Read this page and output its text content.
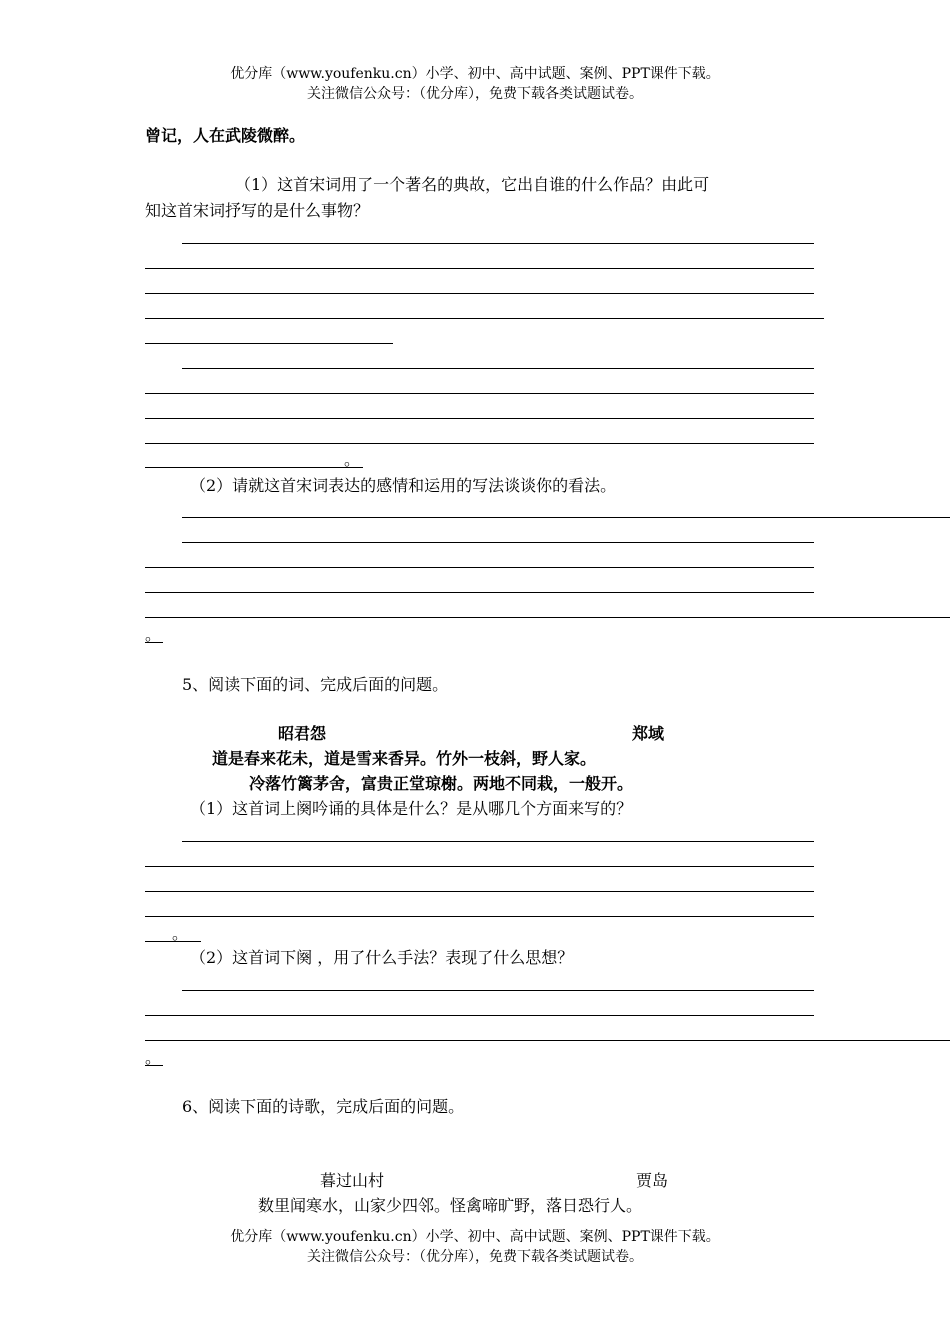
优分库（www.youfenku.cn）小学、初中、高中试题、案例、PPT课件下载。
关注微信公众号：（优分库），免费下载各类试题试卷。
曾记，人在武陵微醉。
（1）这首宋词用了一个著名的典故，它出自谁的什么作品？由此可
知这首宋词抒写的是什么事物？
。
（2）请就这首宋词表达的感情和运用的写法谈谈你的看法。
。
5、阅读下面的词、完成后面的问题。
昭君怨	郑域
道是春来花未，道是雪来香异。竹外一枝斜，野人家。
冷落竹篱茅舍，富贵正堂琼榭。两地不同栽，一般开。
（1）这首词上阕吟诵的具体是什么？是从哪几个方面来写的？
。
（2）这首词下阕 ，用了什么手法？表现了什么思想？
。
6、阅读下面的诗歌，完成后面的问题。
暮过山村	贾岛
数里闻寒水，山家少四邻。怪禽啼旷野，落日恐行人。
优分库（www.youfenku.cn）小学、初中、高中试题、案例、PPT课件下载。
关注微信公众号：（优分库），免费下载各类试题试卷。
